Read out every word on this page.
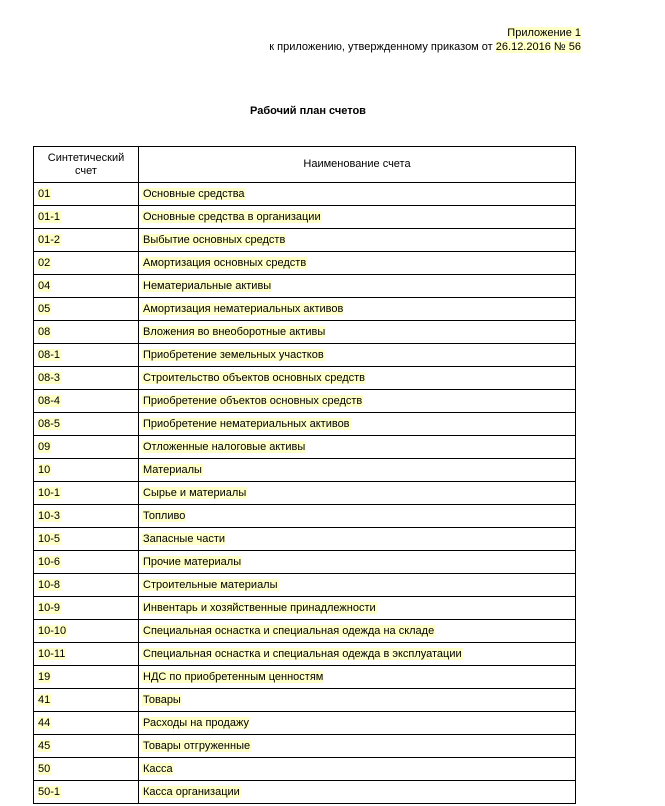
Приложение 1
к приложению, утвержденному приказом от 26.12.2016 № 56
Рабочий план счетов
Синтетический счет	Наименование счета
01	Основные средства
01-1	Основные средства в организации
01-2	Выбытие основных средств
02	Амортизация основных средств
04	Нематериальные активы
05	Амортизация нематериальных активов
08	Вложения во внеоборотные активы
08-1	Приобретение земельных участков
08-3	Строительство объектов основных средств
08-4	Приобретение объектов основных средств
08-5	Приобретение нематериальных активов
09	Отложенные налоговые активы
10	Материалы
10-1	Сырье и материалы
10-3	Топливо
10-5	Запасные части
10-6	Прочие материалы
10-8	Строительные материалы
10-9	Инвентарь и хозяйственные принадлежности
10-10	Специальная оснастка и специальная одежда на складе
10-11	Специальная оснастка и специальная одежда в эксплуатации
19	НДС по приобретенным ценностям
41	Товары
44	Расходы на продажу
45	Товары отгруженные
50	Касса
50-1	Касса организации
